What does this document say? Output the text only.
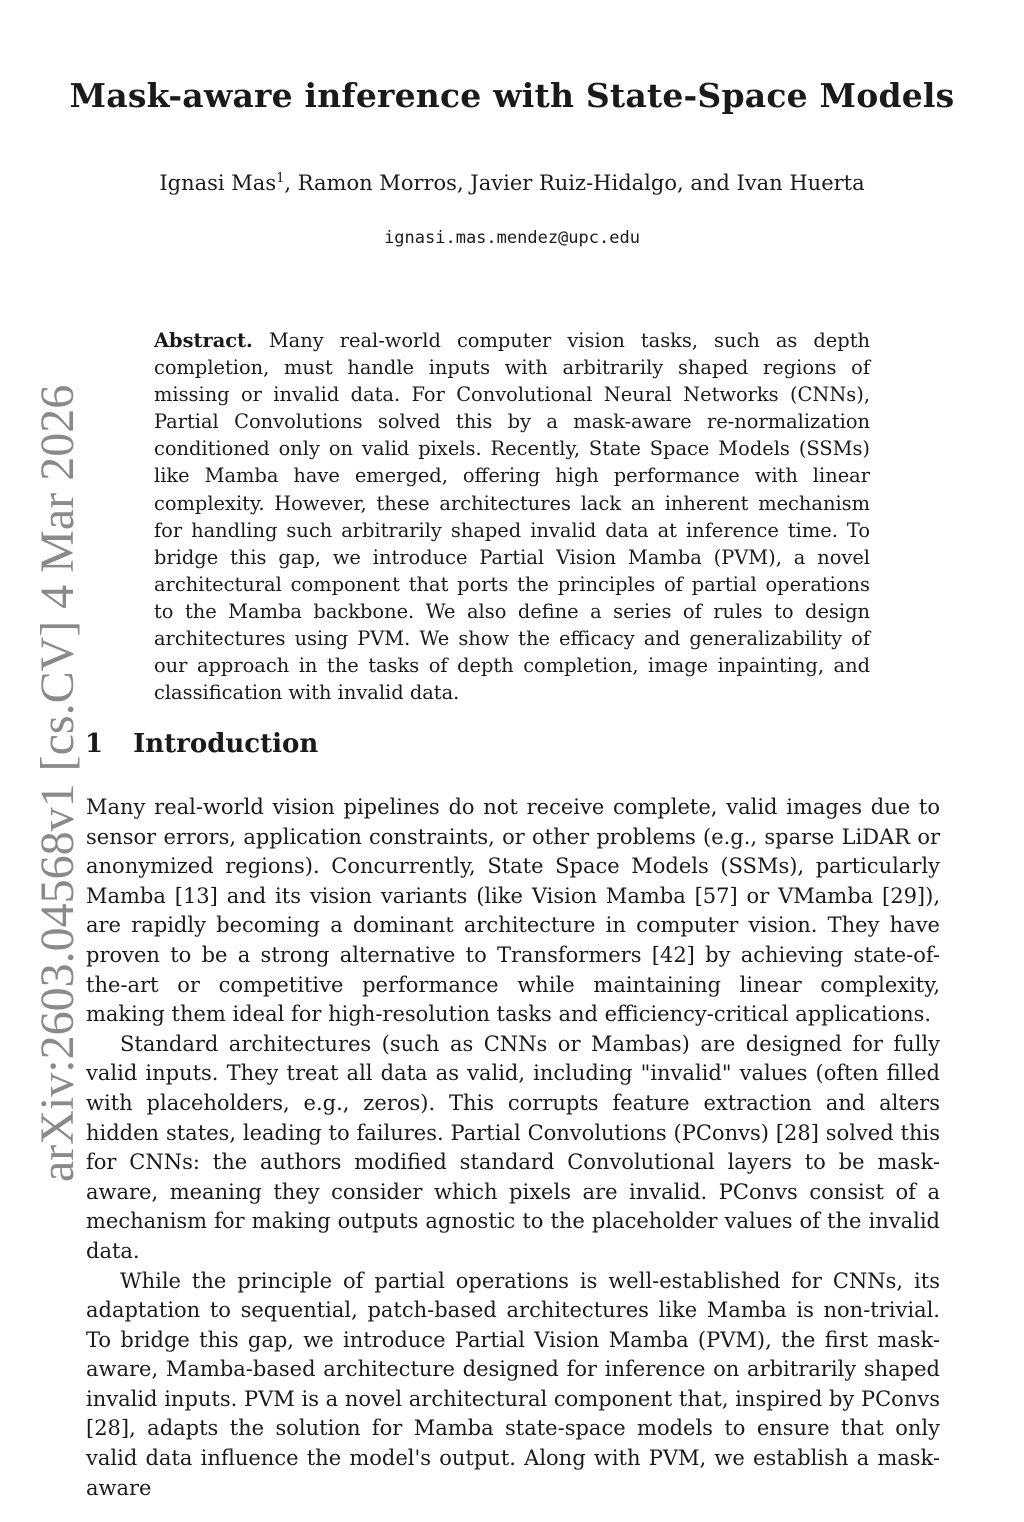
arXiv:2603.04568v1 [cs.CV] 4 Mar 2026
Mask-aware inference with State-Space Models
Ignasi Mas$^1$, Ramon Morros, Javier Ruiz-Hidalgo, and Ivan Huerta
ignasi.mas.mendez@upc.edu

Abstract. Many real-world computer vision tasks, such as depth completion, must handle inputs with arbitrarily shaped regions of missing or invalid data. For Convolutional Neural Networks (CNNs), Partial Convolutions solved this by a mask-aware re-normalization conditioned only on valid pixels. Recently, State Space Models (SSMs) like Mamba have emerged, offering high performance with linear complexity. However, these architectures lack an inherent mechanism for handling such arbitrarily shaped invalid data at inference time. To bridge this gap, we introduce Partial Vision Mamba (PVM), a novel architectural component that ports the principles of partial operations to the Mamba backbone. We also define a series of rules to design architectures using PVM. We show the efficacy and generalizability of our approach in the tasks of depth completion, image inpainting, and classification with invalid data.

1 Introduction

Many real-world vision pipelines do not receive complete, valid images due to sensor errors, application constraints, or other problems (e.g., sparse LiDAR or anonymized regions). Concurrently, State Space Models (SSMs), particularly Mamba [13] and its vision variants (like Vision Mamba [57] or VMamba [29]), are rapidly becoming a dominant architecture in computer vision. They have proven to be a strong alternative to Transformers [42] by achieving state-of-the-art or competitive performance while maintaining linear complexity, making them ideal for high-resolution tasks and efficiency-critical applications.

Standard architectures (such as CNNs or Mambas) are designed for fully valid inputs. They treat all data as valid, including "invalid" values (often filled with placeholders, e.g., zeros). This corrupts feature extraction and alters hidden states, leading to failures. Partial Convolutions (PConvs) [28] solved this for CNNs: the authors modified standard Convolutional layers to be mask-aware, meaning they consider which pixels are invalid. PConvs consist of a mechanism for making outputs agnostic to the placeholder values of the invalid data.

While the principle of partial operations is well-established for CNNs, its adaptation to sequential, patch-based architectures like Mamba is non-trivial. To bridge this gap, we introduce Partial Vision Mamba (PVM), the first mask-aware, Mamba-based architecture designed for inference on arbitrarily shaped invalid inputs. PVM is a novel architectural component that, inspired by PConvs [28], adapts the solution for Mamba state-space models to ensure that only valid data influence the model's output. Along with PVM, we establish a mask-aware
